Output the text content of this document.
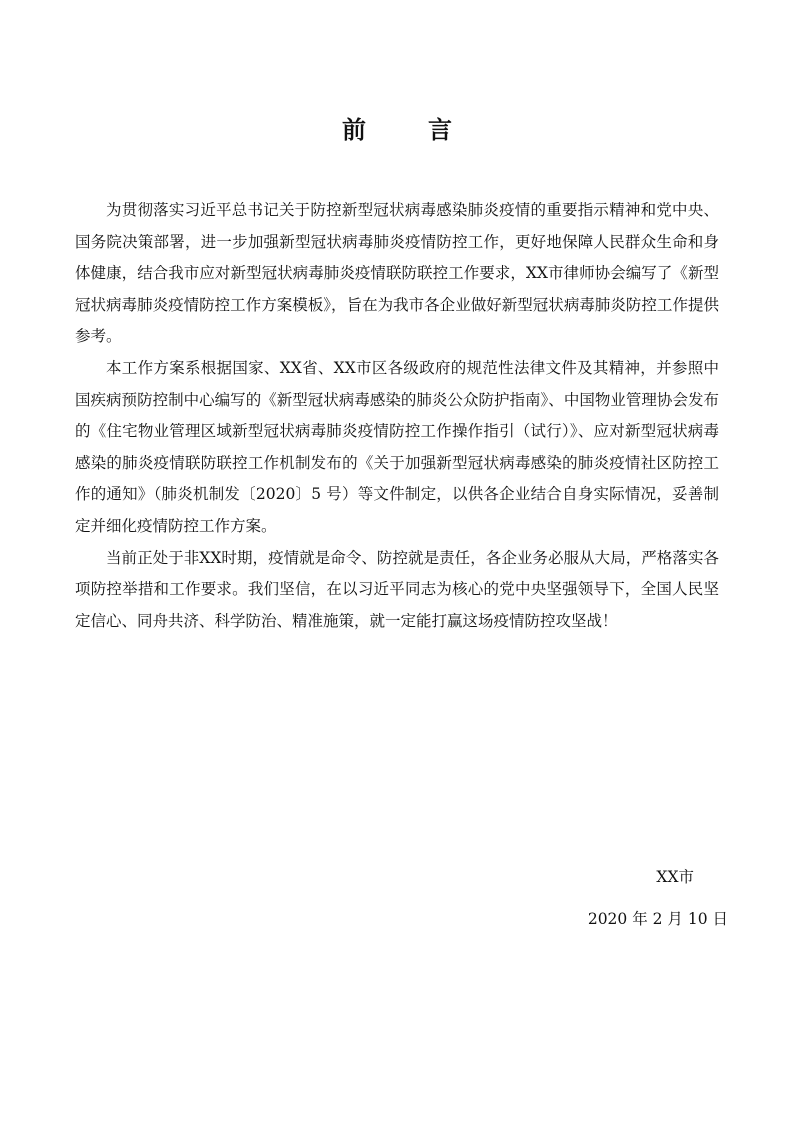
前	言

为贯彻落实习近平总书记关于防控新型冠状病毒感染肺炎疫情的重要指示精神和党中央、国务院决策部署，进一步加强新型冠状病毒肺炎疫情防控工作，更好地保障人民群众生命和身体健康，结合我市应对新型冠状病毒肺炎疫情联防联控工作要求，XX市律师协会编写了《新型冠状病毒肺炎疫情防控工作方案模板》，旨在为我市各企业做好新型冠状病毒肺炎防控工作提供参考。

本工作方案系根据国家、XX省、XX市区各级政府的规范性法律文件及其精神，并参照中国疾病预防控制中心编写的《新型冠状病毒感染的肺炎公众防护指南》、中国物业管理协会发布的《住宅物业管理区域新型冠状病毒肺炎疫情防控工作操作指引（试行）》、应对新型冠状病毒感染的肺炎疫情联防联控工作机制发布的《关于加强新型冠状病毒感染的肺炎疫情社区防控工作的通知》（肺炎机制发〔2020〕5 号）等文件制定，以供各企业结合自身实际情况，妥善制定并细化疫情防控工作方案。

当前正处于非XX时期，疫情就是命令、防控就是责任，各企业务必服从大局，严格落实各项防控举措和工作要求。我们坚信，在以习近平同志为核心的党中央坚强领导下，全国人民坚定信心、同舟共济、科学防治、精准施策，就一定能打赢这场疫情防控攻坚战！

XX市
2020 年 2 月 10 日
